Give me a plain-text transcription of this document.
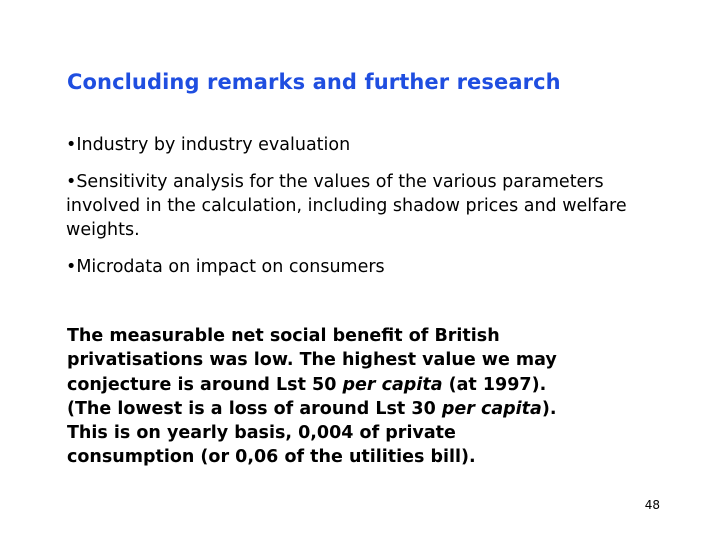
Concluding remarks and further research
•Industry by industry evaluation
•Sensitivity analysis for the values of the various parameters involved in the calculation, including shadow prices and welfare weights.
•Microdata on impact on consumers
The measurable net social benefit of British
privatisations was low. The highest value we may
conjecture is around Lst 50 per capita (at 1997).
(The lowest is a loss of around Lst 30 per capita).
This is on yearly basis, 0,004 of private
consumption (or 0,06 of the utilities bill).
48
